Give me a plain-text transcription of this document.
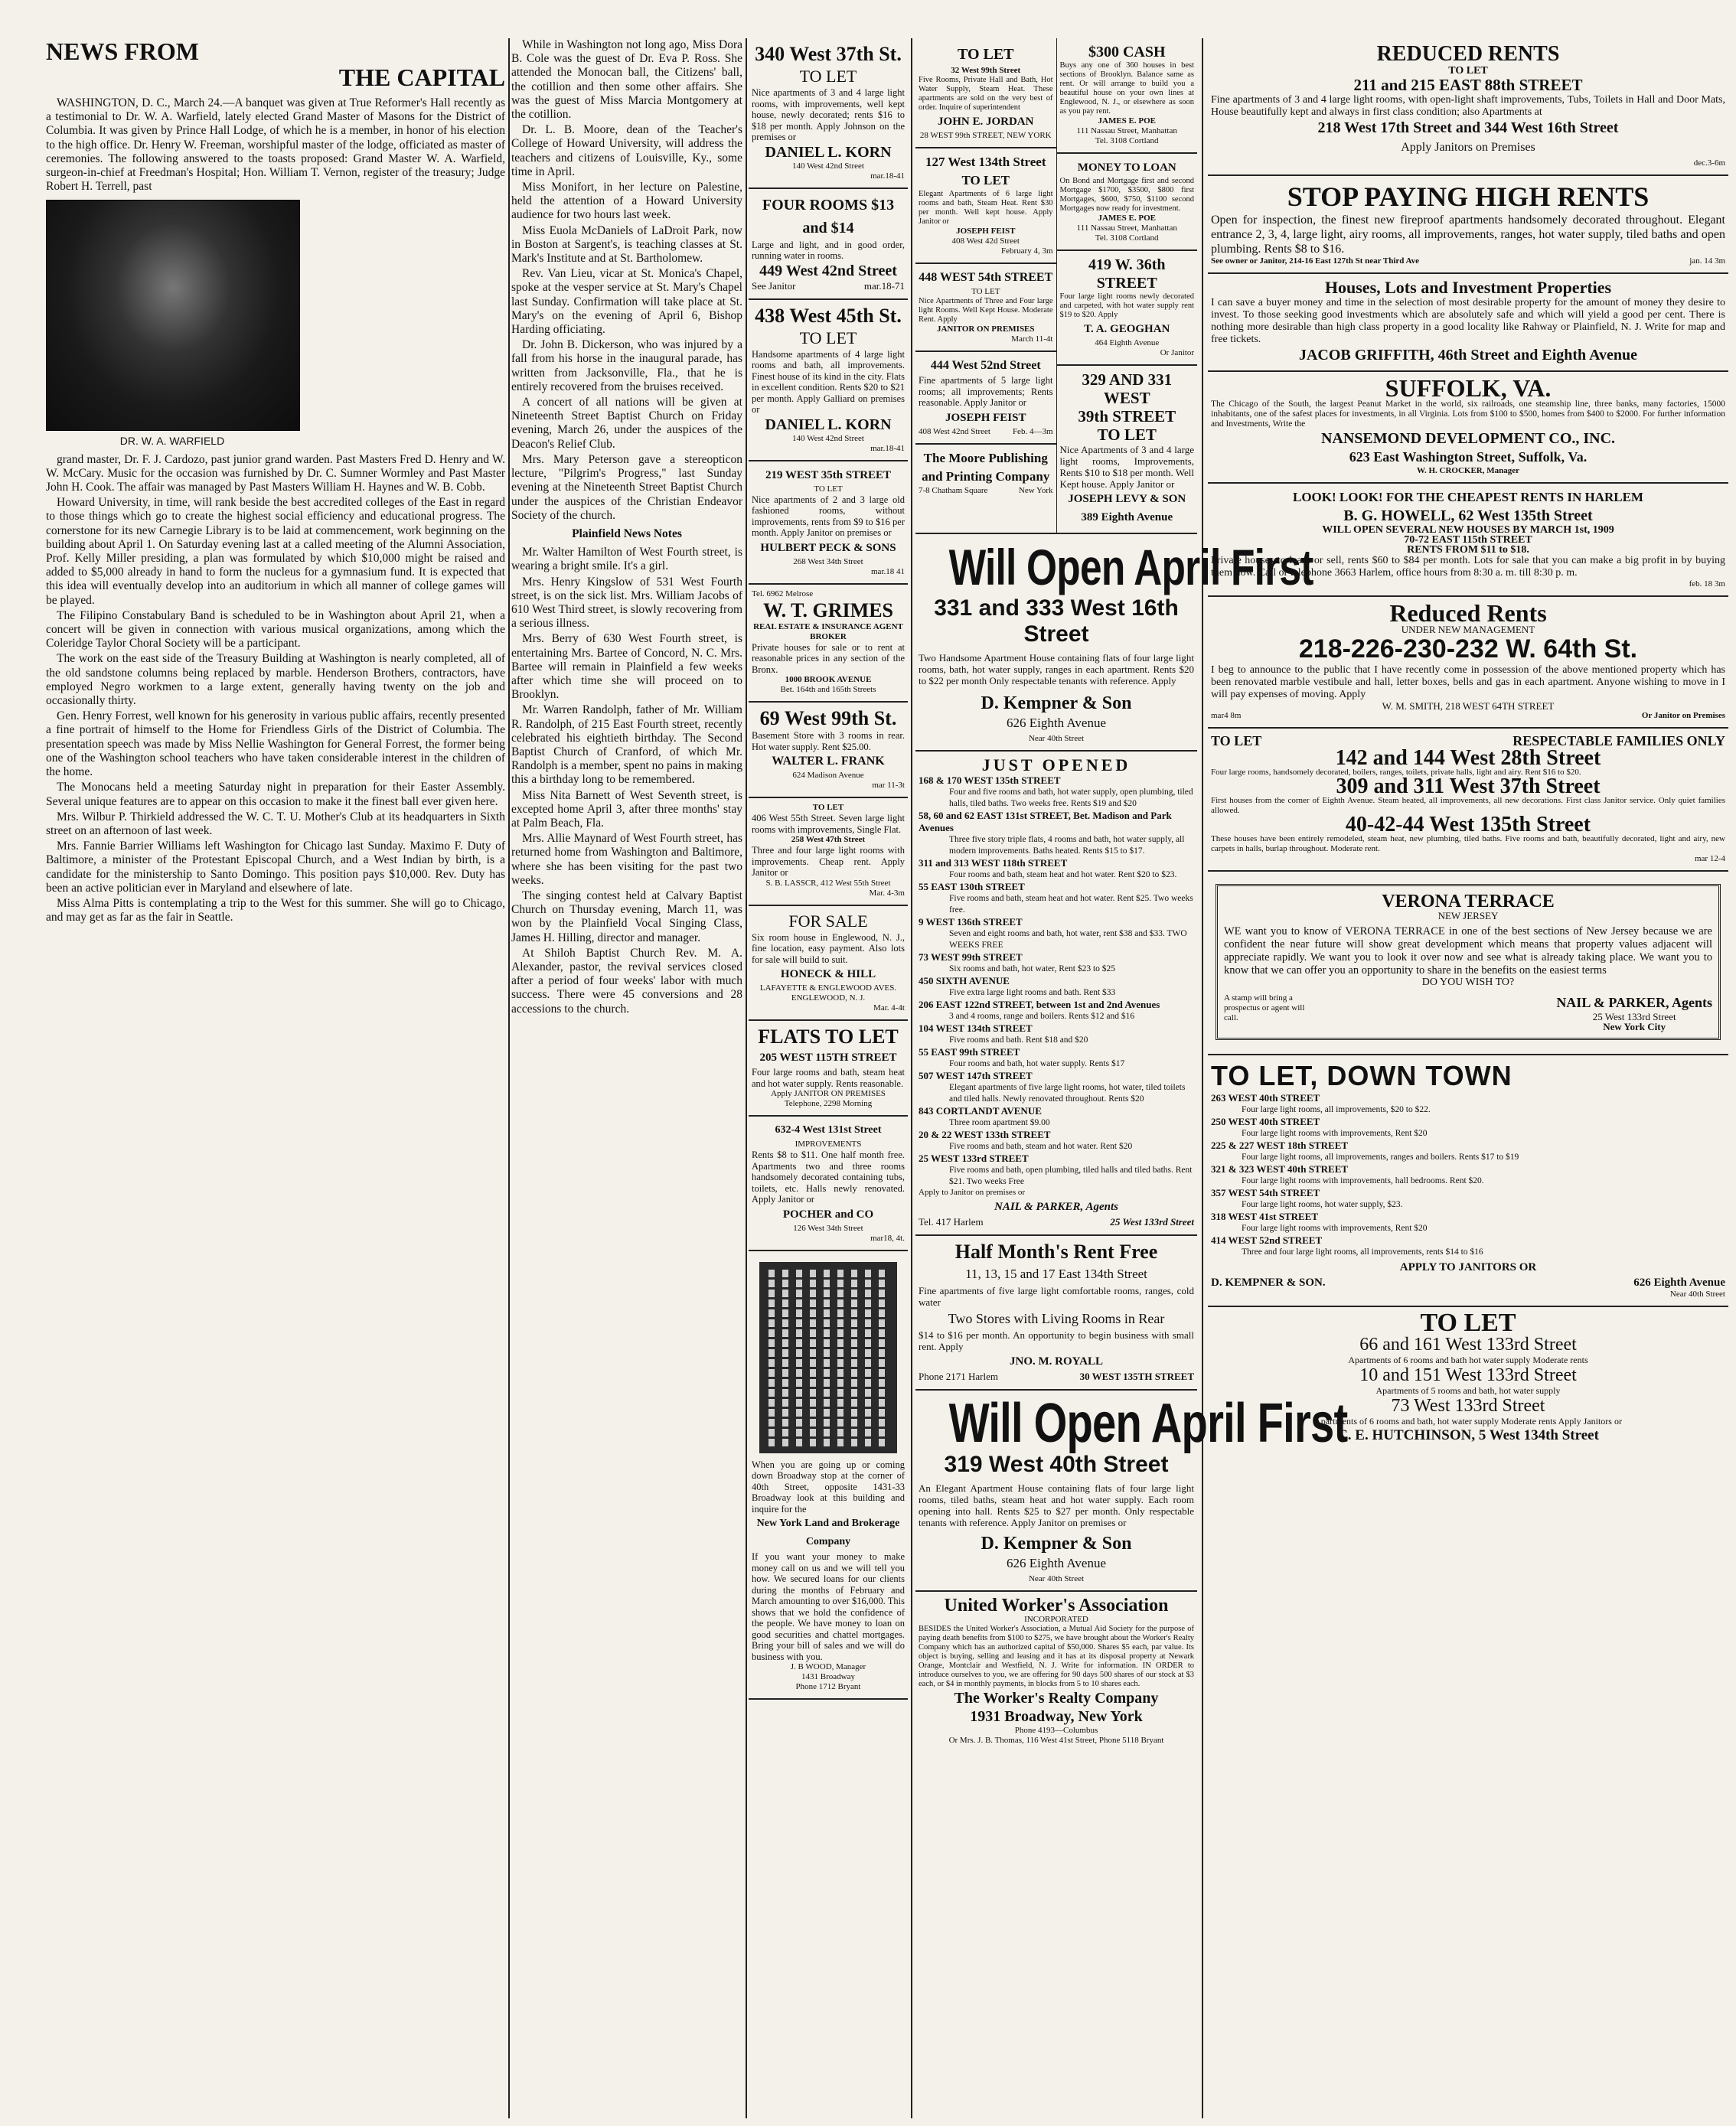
NEWS FROM
THE CAPITAL

WASHINGTON, D. C., March 24.—A banquet was given at True Reformer's Hall recently as a testimonial to Dr. W. A. Warfield, lately elected Grand Master of Masons for the District of Columbia. It was given by Prince Hall Lodge, of which he is a member, in honor of his election to the high office. Dr. Henry W. Freeman, worshipful master of the lodge, officiated as master of ceremonies. The following answered to the toasts proposed: Grand Master W. A. Warfield, surgeon-in-chief at Freedman's Hospital; Hon. William T. Vernon, register of the treasury; Judge Robert H. Terrell, past

DR. W. A. WARFIELD

grand master, Dr. F. J. Cardozo, past junior grand warden. Past Masters Fred D. Henry and W. W. McCary. Music for the occasion was furnished by Dr. C. Sumner Wormley and Past Master John H. Cook. The affair was managed by Past Masters William H. Haynes and W. B. Cobb.

Howard University, in time, will rank beside the best accredited colleges of the East in regard to those things which go to create the highest social efficiency and educational progress. The cornerstone for its new Carnegie Library is to be laid at commencement, work beginning on the building about April 1. On Saturday evening last at a called meeting of the Alumni Association, Prof. Kelly Miller presiding, a plan was formulated by which $10,000 might be raised and added to $5,000 already in hand to form the nucleus for a gymnasium fund. It is expected that this idea will eventually develop into an auditorium in which all manner of college games will be played.

The Filipino Constabulary Band is scheduled to be in Washington about April 21, when a concert will be given in connection with various musical organizations, among which the Coleridge Taylor Choral Society will be a participant.

The work on the east side of the Treasury Building at Washington is nearly completed, all of the old sandstone columns being replaced by marble. Henderson Brothers, contractors, have employed Negro workmen to a large extent, generally having twenty on the job and occasionally thirty.

Gen. Henry Forrest, well known for his generosity in various public affairs, recently presented a fine portrait of himself to the Home for Friendless Girls of the District of Columbia. The presentation speech was made by Miss Nellie Washington for General Forrest, the former being one of the Washington school teachers who have taken considerable interest in the children of the home.

The Monocans held a meeting Saturday night in preparation for their Easter Assembly. Several unique features are to appear on this occasion to make it the finest ball ever given here.

Mrs. Wilbur P. Thirkield addressed the W. C. T. U. Mother's Club at its headquarters in Sixth street on an afternoon of last week.

Mrs. Fannie Barrier Williams left Washington for Chicago last Sunday. Maximo F. Duty of Baltimore, a minister of the Protestant Episcopal Church, and a West Indian by birth, is a candidate for the ministership to Santo Domingo. This position pays $10,000. Rev. Duty has been an active politician ever in Maryland and elsewhere of late.

Miss Alma Pitts is contemplating a trip to the West for this summer. She will go to Chicago, and may get as far as the fair in Seattle.

While in Washington not long ago, Miss Dora B. Cole was the guest of Dr. Eva P. Ross. She attended the Monocan ball, the Citizens' ball, the cotillion and then some other affairs. She was the guest of Miss Marcia Montgomery at the cotillion.

Dr. L. B. Moore, dean of the Teacher's College of Howard University, will address the teachers and citizens of Louisville, Ky., some time in April.

Miss Monifort, in her lecture on Palestine, held the attention of a Howard University audience for two hours last week.

Miss Euola McDaniels of LaDroit Park, now in Boston at Sargent's, is teaching classes at St. Mark's Institute and at St. Bartholomew.

Rev. Van Lieu, vicar at St. Monica's Chapel, spoke at the vesper service at St. Mary's Chapel last Sunday. Confirmation will take place at St. Mary's on the evening of April 6, Bishop Harding officiating.

Dr. John B. Dickerson, who was injured by a fall from his horse in the inaugural parade, has written from Jacksonville, Fla., that he is entirely recovered from the bruises received.

A concert of all nations will be given at Nineteenth Street Baptist Church on Friday evening, March 26, under the auspices of the Deacon's Relief Club.

Mrs. Mary Peterson gave a stereopticon lecture, "Pilgrim's Progress," last Sunday evening at the Nineteenth Street Baptist Church under the auspices of the Christian Endeavor Society of the church.

Plainfield News Notes

Mr. Walter Hamilton of West Fourth street, is wearing a bright smile. It's a girl.

Mrs. Henry Kingslow of 531 West Fourth street, is on the sick list. Mrs. William Jacobs of 610 West Third street, is slowly recovering from a serious illness.

Mrs. Berry of 630 West Fourth street, is entertaining Mrs. Bartee of Concord, N. C. Mrs. Bartee will remain in Plainfield a few weeks after which time she will proceed on to Brooklyn.

Mr. Warren Randolph, father of Mr. William R. Randolph, of 215 East Fourth street, recently celebrated his eightieth birthday. The Second Baptist Church of Cranford, of which Mr. Randolph is a member, spent no pains in making this a birthday long to be remembered.

Miss Nita Barnett of West Seventh street, is excepted home April 3, after three months' stay at Palm Beach, Fla.

Mrs. Allie Maynard of West Fourth street, has returned home from Washington and Baltimore, where she has been visiting for the past two weeks.

The singing contest held at Calvary Baptist Church on Thursday evening, March 11, was won by the Plainfield Vocal Singing Class, James H. Hilling, director and manager.

At Shiloh Baptist Church Rev. M. A. Alexander, pastor, the revival services closed after a period of four weeks' labor with much success. There were 45 conversions and 28 accessions to the church.

340 West 37th St.
TO LET
Nice apartments of 3 and 4 large light rooms, with improvements, well kept house, newly decorated; rents $16 to $18 per month. Apply Johnson on the premises or
DANIEL L. KORN
140 West 42nd Street
mar.18-41
FOUR ROOMS $13 and $14
Large and light, and in good order, running water in rooms.
449 West 42nd Street
See Janitor	mar.18-71
438 West 45th St.
TO LET
Handsome apartments of 4 large light rooms and bath, all improvements. Finest house of its kind in the city. Flats in excellent condition. Rents $20 to $21 per month. Apply Galliard on premises or
DANIEL L. KORN
140 West 42nd Street
mar.18-41
219 WEST 35th STREET
TO LET
Nice apartments of 2 and 3 large old fashioned rooms, without improvements, rents from $9 to $16 per month. Apply Janitor on premises or
HULBERT PECK & SONS
268 West 34th Street
mar.18 41
Tel. 6962 Melrose
W. T. GRIMES
REAL ESTATE & INSURANCE AGENT BROKER
Private houses for sale or to rent at reasonable prices in any section of the Bronx.
1000 BROOK AVENUE
Bet. 164th and 165th Streets
69 West 99th St.
Basement Store with 3 rooms in rear. Hot water supply. Rent $25.00.
WALTER L. FRANK
624 Madison Avenue
mar 11-3t
TO LET
406 West 55th Street. Seven large light rooms with improvements, Single Flat.
258 West 47th Street
Three and four large light rooms with improvements. Cheap rent. Apply Janitor or
S. B. LASSCR, 412 West 55th Street
Mar. 4-3m
FOR SALE
Six room house in Englewood, N. J., fine location, easy payment. Also lots for sale will build to suit.
HONECK & HILL
LAFAYETTE & ENGLEWOOD AVES. ENGLEWOOD, N. J.
Mar. 4-4t
FLATS TO LET
205 WEST 115TH STREET
Four large rooms and bath, steam heat and hot water supply. Rents reasonable.
Apply JANITOR ON PREMISES
Telephone, 2298 Morning
632-4 West 131st Street
IMPROVEMENTS
Rents $8 to $11. One half month free. Apartments two and three rooms handsomely decorated containing tubs, toilets, etc. Halls newly renovated. Apply Janitor or
POCHER and CO
126 West 34th Street
mar18, 4t.
When you are going up or coming down Broadway stop at the corner of 40th Street, opposite 1431-33 Broadway look at this building and inquire for the
New York Land and Brokerage Company
If you want your money to make money call on us and we will tell you how. We secured loans for our clients during the months of February and March amounting to over $16,000. This shows that we hold the confidence of the people. We have money to loan on good securities and chattel mortgages. Bring your bill of sales and we will do business with you.
J. B WOOD, Manager
1431 Broadway
Phone 1712 Bryant
TO LET
32 West 99th Street
Five Rooms, Private Hall and Bath, Hot Water Supply, Steam Heat. These apartments are sold on the very best of order. Inquire of superintendent
JOHN E. JORDAN
28 WEST 99th STREET, NEW YORK
127 West 134th Street
TO LET
Elegant Apartments of 6 large light rooms and bath, Steam Heat. Rent $30 per month. Well kept house. Apply Janitor or
JOSEPH FEIST
408 West 42d Street
February 4, 3m
448 WEST 54th STREET
TO LET
Nice Apartments of Three and Four large light Rooms. Well Kept House. Moderate Rent. Apply
JANITOR ON PREMISES
March 11-4t
444 West 52nd Street
Fine apartments of 5 large light rooms; all improvements; Rents reasonable. Apply Janitor or
JOSEPH FEIST
408 West 42nd Street	Feb. 4—3m
The Moore Publishing and Printing Company
7-8 Chatham Square	New York
$300 CASH
Buys any one of 360 houses in best sections of Brooklyn. Balance same as rent. Or will arrange to build you a beautiful house on your own lines at Englewood, N. J., or elsewhere as soon as you pay rent.
JAMES E. POE
111 Nassau Street, Manhattan
Tel. 3108 Cortland
MONEY TO LOAN
On Bond and Mortgage first and second Mortgage $1700, $3500, $800 first Mortgages, $600, $750, $1100 second Mortgages now ready for investment.
JAMES E. POE
111 Nassau Street, Manhattan
Tel. 3108 Cortland
419 W. 36th STREET
Four large light rooms newly decorated and carpeted, with hot water supply rent $19 to $20. Apply
T. A. GEOGHAN
464 Eighth Avenue
Or Janitor
329 AND 331 WEST
39th STREET
TO LET
Nice Apartments of 3 and 4 large light rooms, Improvements, Rents $10 to $18 per month. Well Kept house. Apply Janitor or
JOSEPH LEVY & SON
389 Eighth Avenue
Will Open April First
331 and 333 West 16th Street
Two Handsome Apartment House containing flats of four large light rooms, bath, hot water supply, ranges in each apartment. Rents $20 to $22 per month Only respectable tenants with reference. Apply
D. Kempner & Son
626 Eighth Avenue
Near 40th Street
JUST OPENED
168 & 170 WEST 135th STREET
Four and five rooms and bath, hot water supply, open plumbing, tiled halls, tiled baths. Two weeks free. Rents $19 and $20
58, 60 and 62 EAST 131st STREET, Bet. Madison and Park Avenues
Three five story triple flats, 4 rooms and bath, hot water supply, all modern improvements. Baths heated. Rents $15 to $17.
311 and 313 WEST 118th STREET
Four rooms and bath, steam heat and hot water. Rent $20 to $23.
55 EAST 130th STREET
Five rooms and bath, steam heat and hot water. Rent $25. Two weeks free.
9 WEST 136th STREET
Seven and eight rooms and bath, hot water, rent $38 and $33. TWO WEEKS FREE
73 WEST 99th STREET
Six rooms and bath, hot water, Rent $23 to $25
450 SIXTH AVENUE
Five extra large light rooms and bath. Rent $33
206 EAST 122nd STREET, between 1st and 2nd Avenues
3 and 4 rooms, range and boilers. Rents $12 and $16
104 WEST 134th STREET
Five rooms and bath. Rent $18 and $20
55 EAST 99th STREET
Four rooms and bath, hot water supply. Rents $17
507 WEST 147th STREET
Elegant apartments of five large light rooms, hot water, tiled toilets and tiled halls. Newly renovated throughout. Rents $20
843 CORTLANDT AVENUE
Three room apartment $9.00
20 & 22 WEST 133th STREET
Five rooms and bath, steam and hot water. Rent $20
25 WEST 133rd STREET
Five rooms and bath, open plumbing, tiled halls and tiled baths. Rent $21. Two weeks Free
Apply to Janitor on premises or
NAIL & PARKER, Agents
Tel. 417 Harlem	25 West 133rd Street
Half Month's Rent Free
11, 13, 15 and 17 East 134th Street
Fine apartments of five large light comfortable rooms, ranges, cold water
Two Stores with Living Rooms in Rear
$14 to $16 per month. An opportunity to begin business with small rent. Apply
JNO. M. ROYALL
Phone 2171 Harlem	30 WEST 135TH STREET
Will Open April First
319 West 40th Street
An Elegant Apartment House containing flats of four large light rooms, tiled baths, steam heat and hot water supply. Each room opening into hall. Rents $25 to $27 per month. Only respectable tenants with reference. Apply Janitor on premises or
D. Kempner & Son
626 Eighth Avenue
Near 40th Street
United Worker's Association
INCORPORATED
BESIDES the United Worker's Association, a Mutual Aid Society for the purpose of paying death benefits from $100 to $275, we have brought about the Worker's Realty Company which has an authorized capital of $50,000. Shares $5 each, par value. Its object is buying, selling and leasing and it has at its disposal property at Newark Orange, Montclair and Westfield, N. J. Write for information. IN ORDER to introduce ourselves to you, we are offering for 90 days 500 shares of our stock at $3 each, or $4 in monthly payments, in blocks from 5 to 10 shares each.
The Worker's Realty Company
1931 Broadway, New York
Phone 4193—Columbus
Or Mrs. J. B. Thomas, 116 West 41st Street, Phone 5118 Bryant
REDUCED RENTS
TO LET
211 and 215 EAST 88th STREET
Fine apartments of 3 and 4 large light rooms, with open-light shaft improvements, Tubs, Toilets in Hall and Door Mats, House beautifully kept and always in first class condition; also Apartments at
218 West 17th Street and 344 West 16th Street
Apply Janitors on Premises
dec.3-6m
STOP PAYING HIGH RENTS
Open for inspection, the finest new fireproof apartments handsomely decorated throughout. Elegant entrance 2, 3, 4, large light, airy rooms, all improvements, ranges, hot water supply, tiled baths and open plumbing. Rents $8 to $16.
See owner or Janitor, 214-16 East 127th St near Third Ave	jan. 14 3m
Houses, Lots and Investment Properties
I can save a buyer money and time in the selection of most desirable property for the amount of money they desire to invest. To those seeking good investments which are absolutely safe and which will yield a good per cent. There is nothing more desirable than high class property in a good locality like Rahway or Plainfield, N. J. Write for map and free tickets.
JACOB GRIFFITH, 46th Street and Eighth Avenue
SUFFOLK, VA.
The Chicago of the South, the largest Peanut Market in the world, six railroads, one steamship line, three banks, many factories, 15000 inhabitants, one of the safest places for investments, in all Virginia. Lots from $100 to $500, homes from $400 to $2000. For further information and Investments, Write the
NANSEMOND DEVELOPMENT CO., INC.
623 East Washington Street, Suffolk, Va.
W. H. CROCKER, Manager
LOOK! LOOK! FOR THE CHEAPEST RENTS IN HARLEM
B. G. HOWELL, 62 West 135th Street
WILL OPEN SEVERAL NEW HOUSES BY MARCH 1st, 1909
70-72 EAST 115th STREET
RENTS FROM $11 to $18.
Private houses to lease or sell, rents $60 to $84 per month. Lots for sale that you can make a big profit in by buying them now. Call or telephone 3663 Harlem, office hours from 8:30 a. m. till 8:30 p. m.
feb. 18 3m
Reduced Rents
UNDER NEW MANAGEMENT
218-226-230-232 W. 64th St.
I beg to announce to the public that I have recently come in possession of the above mentioned property which has been renovated marble vestibule and hall, letter boxes, bells and gas in each apartment. Anyone wishing to move in I will pay expenses of moving. Apply
W. M. SMITH, 218 WEST 64TH STREET
mar4 8m	Or Janitor on Premises
TO LET	RESPECTABLE FAMILIES ONLY
142 and 144 West 28th Street
Four large rooms, handsomely decorated, boilers, ranges, toilets, private halls, light and airy. Rent $16 to $20.
309 and 311 West 37th Street
First houses from the corner of Eighth Avenue. Steam heated, all improvements, all new decorations. First class Janitor service. Only quiet families allowed.
40-42-44 West 135th Street
These houses have been entirely remodeled, steam heat, new plumbing, tiled baths. Five rooms and bath, beautifully decorated, light and airy, new carpets in halls, burlap throughout. Moderate rent.
mar 12-4
VERONA TERRACE
NEW JERSEY
WE want you to know of VERONA TERRACE in one of the best sections of New Jersey because we are confident the near future will show great development which means that property values adjacent will appreciate rapidly. We want you to look it over now and see what is already taking place. We want you to know that we can offer you an opportunity to share in the benefits on the easiest terms
DO YOU WISH TO?
A stamp will bring a prospectus or agent will call.
NAIL & PARKER, Agents
25 West 133rd Street
New York City
TO LET, DOWN TOWN
263 WEST 40th STREET
Four large light rooms, all improvements, $20 to $22.
250 WEST 40th STREET
Four large light rooms with improvements, Rent $20
225 & 227 WEST 18th STREET
Four large light rooms, all improvements, ranges and boilers. Rents $17 to $19
321 & 323 WEST 40th STREET
Four large light rooms with improvements, hall bedrooms. Rent $20.
357 WEST 54th STREET
Four large light rooms, hot water supply, $23.
318 WEST 41st STREET
Four large light rooms with improvements, Rent $20
414 WEST 52nd STREET
Three and four large light rooms, all improvements, rents $14 to $16
APPLY TO JANITORS OR
D. KEMPNER & SON.	626 Eighth Avenue
Near 40th Street
TO LET
66 and 161 West 133rd Street
Apartments of 6 rooms and bath hot water supply Moderate rents
10 and 151 West 133rd Street
Apartments of 5 rooms and bath, hot water supply
73 West 133rd Street
Apartments of 6 rooms and bath, hot water supply Moderate rents Apply Janitors or
C. E. HUTCHINSON, 5 West 134th Street
